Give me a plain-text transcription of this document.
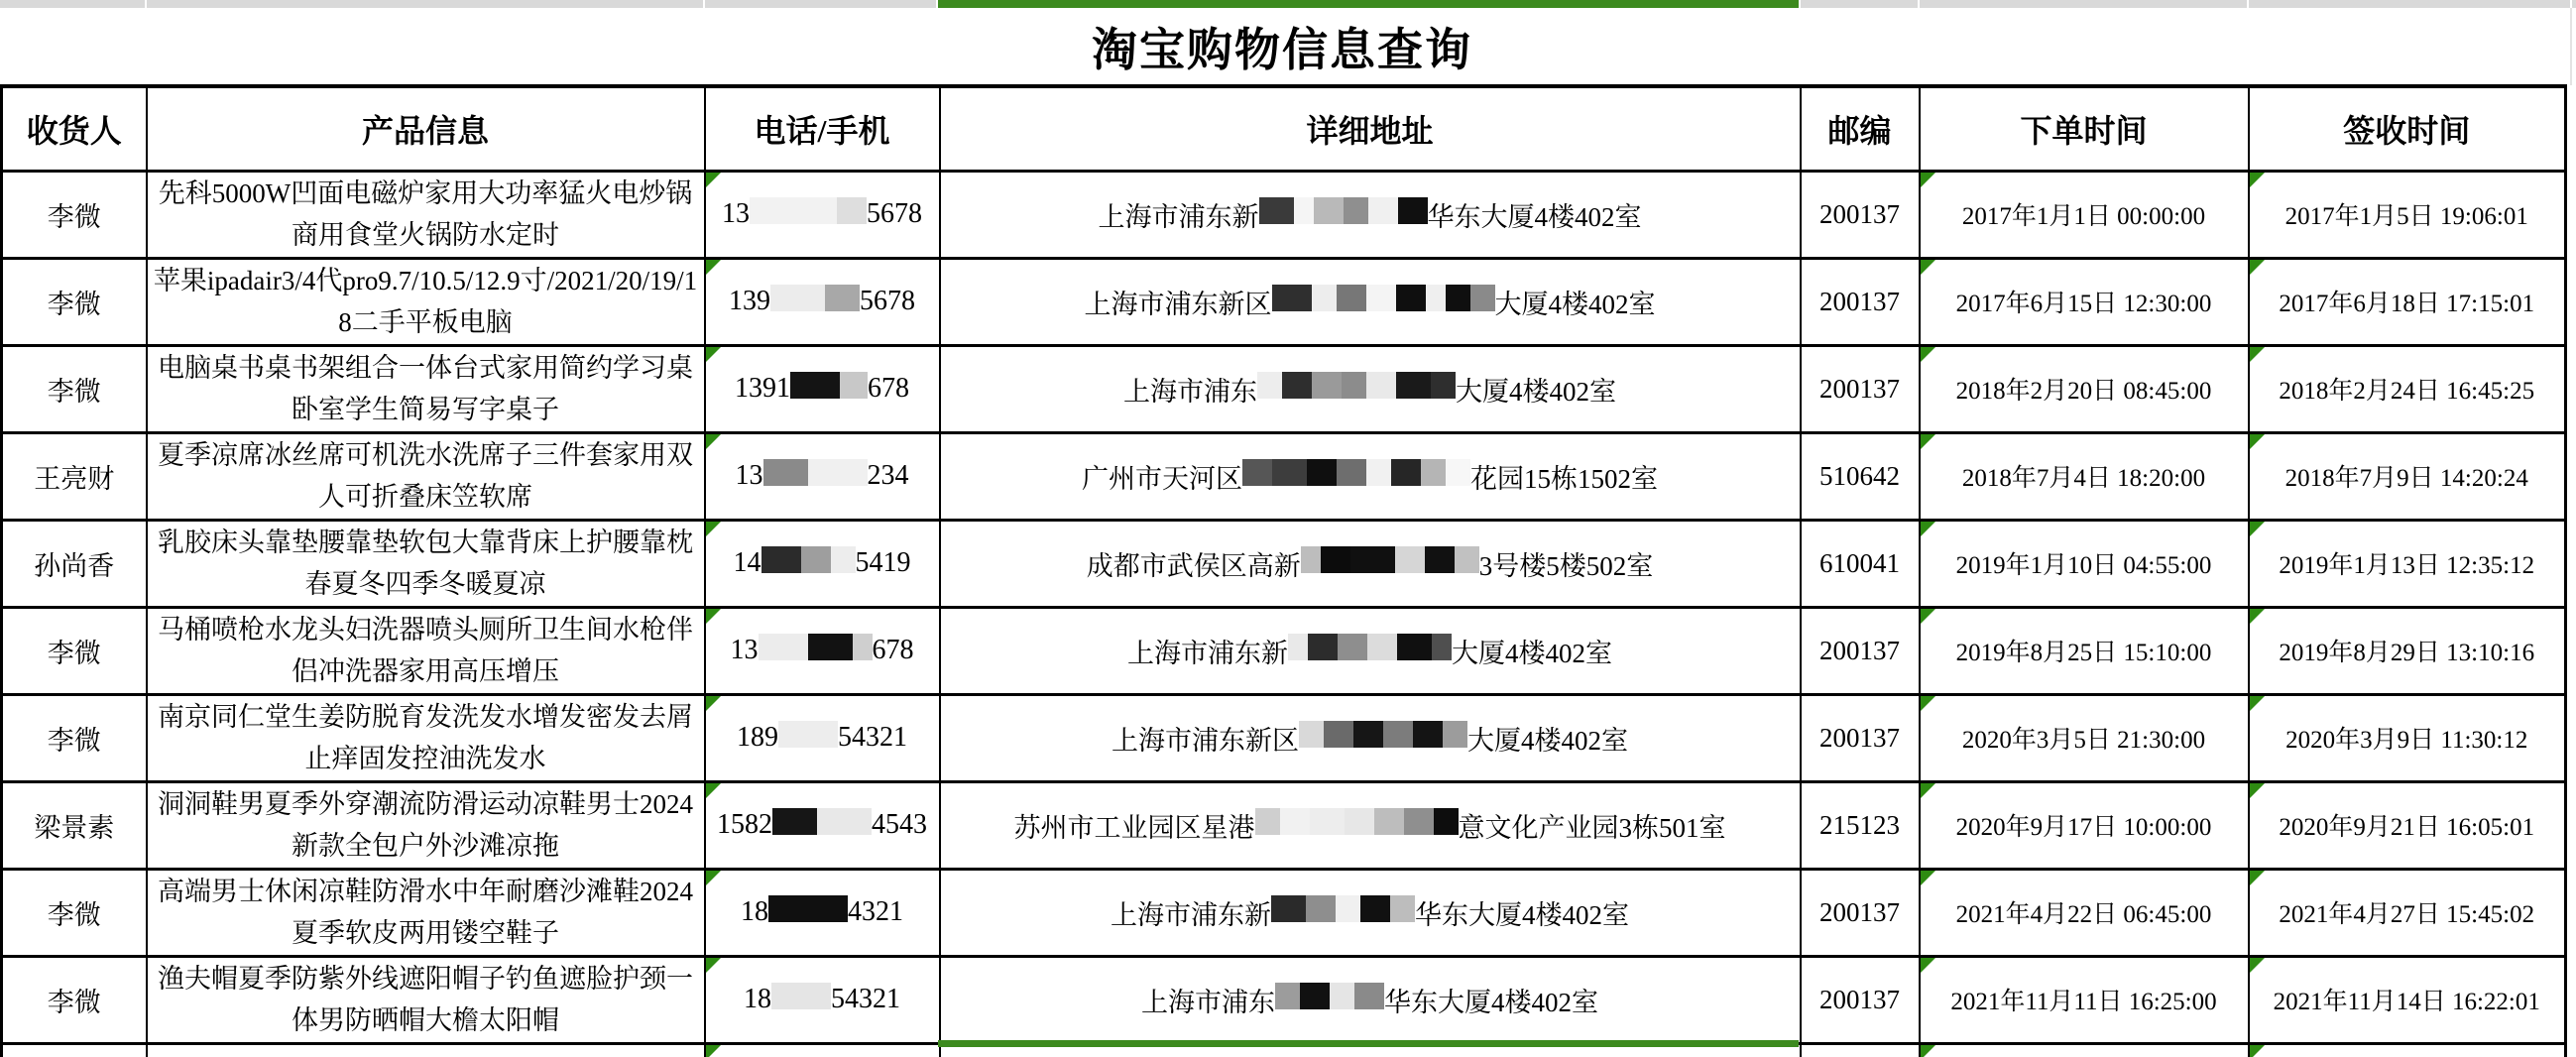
淘宝购物信息查询
收货人	产品信息	电话/手机	详细地址	邮编	下单时间	签收时间
李微	先科5000W凹面电磁炉家用大功率猛火电炒锅商用食堂火锅防水定时	13 5678	上海市浦东新 华东大厦4楼402室	200137	2017年1月1日 00:00:00	2017年1月5日 19:06:01
李微	苹果ipadair3/4代pro9.7/10.5/12.9寸/2021/20/19/18二手平板电脑	139 5678	上海市浦东新区 大厦4楼402室	200137	2017年6月15日 12:30:00	2017年6月18日 17:15:01
李微	电脑桌书桌书架组合一体台式家用简约学习桌卧室学生简易写字桌子	1391 678	上海市浦东 大厦4楼402室	200137	2018年2月20日 08:45:00	2018年2月24日 16:45:25
王亮财	夏季凉席冰丝席可机洗水洗席子三件套家用双人可折叠床笠软席	13 234	广州市天河区 花园15栋1502室	510642	2018年7月4日 18:20:00	2018年7月9日 14:20:24
孙尚香	乳胶床头靠垫腰靠垫软包大靠背床上护腰靠枕春夏冬四季冬暖夏凉	14 5419	成都市武侯区高新 3号楼5楼502室	610041	2019年1月10日 04:55:00	2019年1月13日 12:35:12
李微	马桶喷枪水龙头妇洗器喷头厕所卫生间水枪伴侣冲洗器家用高压增压	13 678	上海市浦东新 大厦4楼402室	200137	2019年8月25日 15:10:00	2019年8月29日 13:10:16
李微	南京同仁堂生姜防脱育发洗发水增发密发去屑止痒固发控油洗发水	189 54321	上海市浦东新区 大厦4楼402室	200137	2020年3月5日 21:30:00	2020年3月9日 11:30:12
梁景素	洞洞鞋男夏季外穿潮流防滑运动凉鞋男士2024新款全包户外沙滩凉拖	1582 4543	苏州市工业园区星港 意文化产业园3栋501室	215123	2020年9月17日 10:00:00	2020年9月21日 16:05:01
李微	高端男士休闲凉鞋防滑水中年耐磨沙滩鞋2024夏季软皮两用镂空鞋子	18 4321	上海市浦东新 华东大厦4楼402室	200137	2021年4月22日 06:45:00	2021年4月27日 15:45:02
李微	渔夫帽夏季防紫外线遮阳帽子钓鱼遮脸护颈一体男防晒帽大檐太阳帽	18 54321	上海市浦东 华东大厦4楼402室	200137	2021年11月11日 16:25:00	2021年11月14日 16:22:01
